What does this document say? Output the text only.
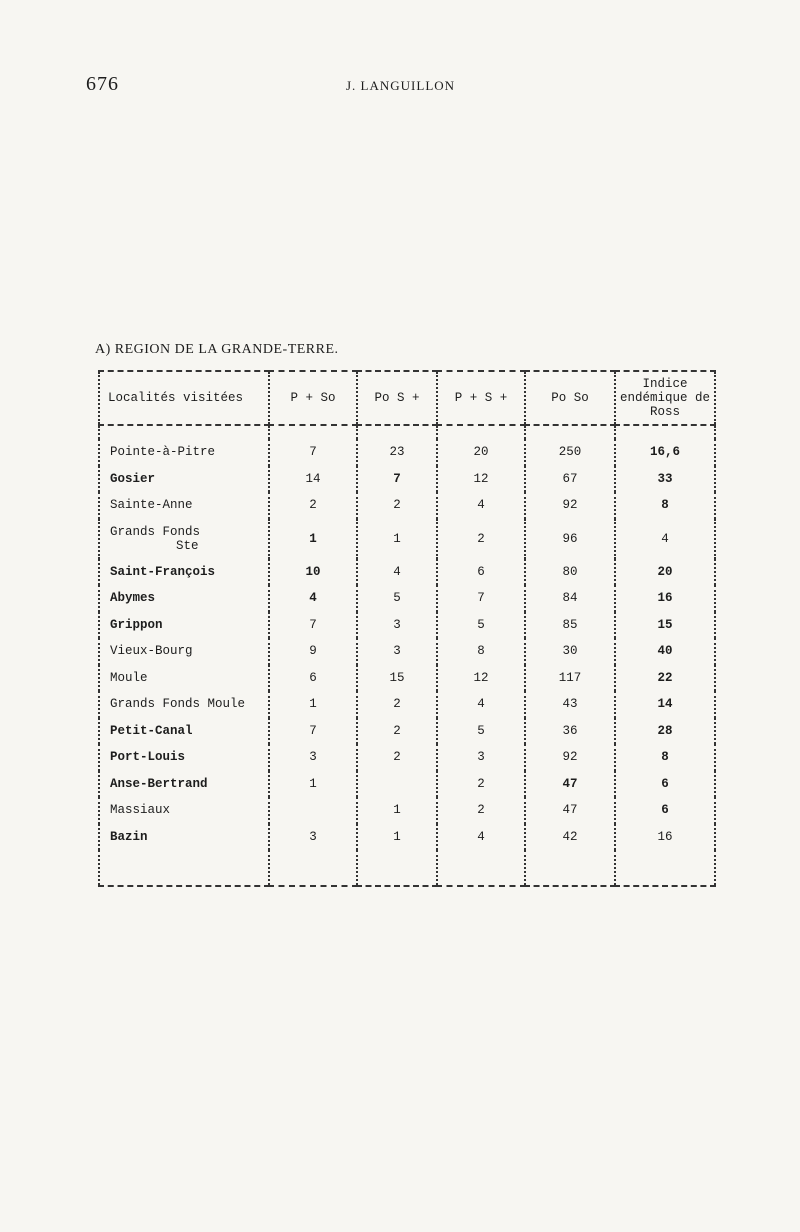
676	J. LANGUILLON
A) REGION DE LA GRANDE-TERRE.
Localités visitées	P + So	Po S +	P + S +	Po So	Indice endémique de Ross

Pointe-à-Pitre	7	23	20	250	16,6
Gosier	14	7	12	67	33
Sainte-Anne	2	2	4	92	8
Grands Fonds
Ste	1	1	2	96	4
Saint-François	10	4	6	80	20
Abymes	4	5	7	84	16
Grippon	7	3	5	85	15
Vieux-Bourg	9	3	8	30	40
Moule	6	15	12	117	22
Grands Fonds Moule	1	2	4	43	14
Petit-Canal	7	2	5	36	28
Port-Louis	3	2	3	92	8
Anse-Bertrand	1		2	47	6
Massiaux		1	2	47	6
Bazin	3	1	4	42	16
